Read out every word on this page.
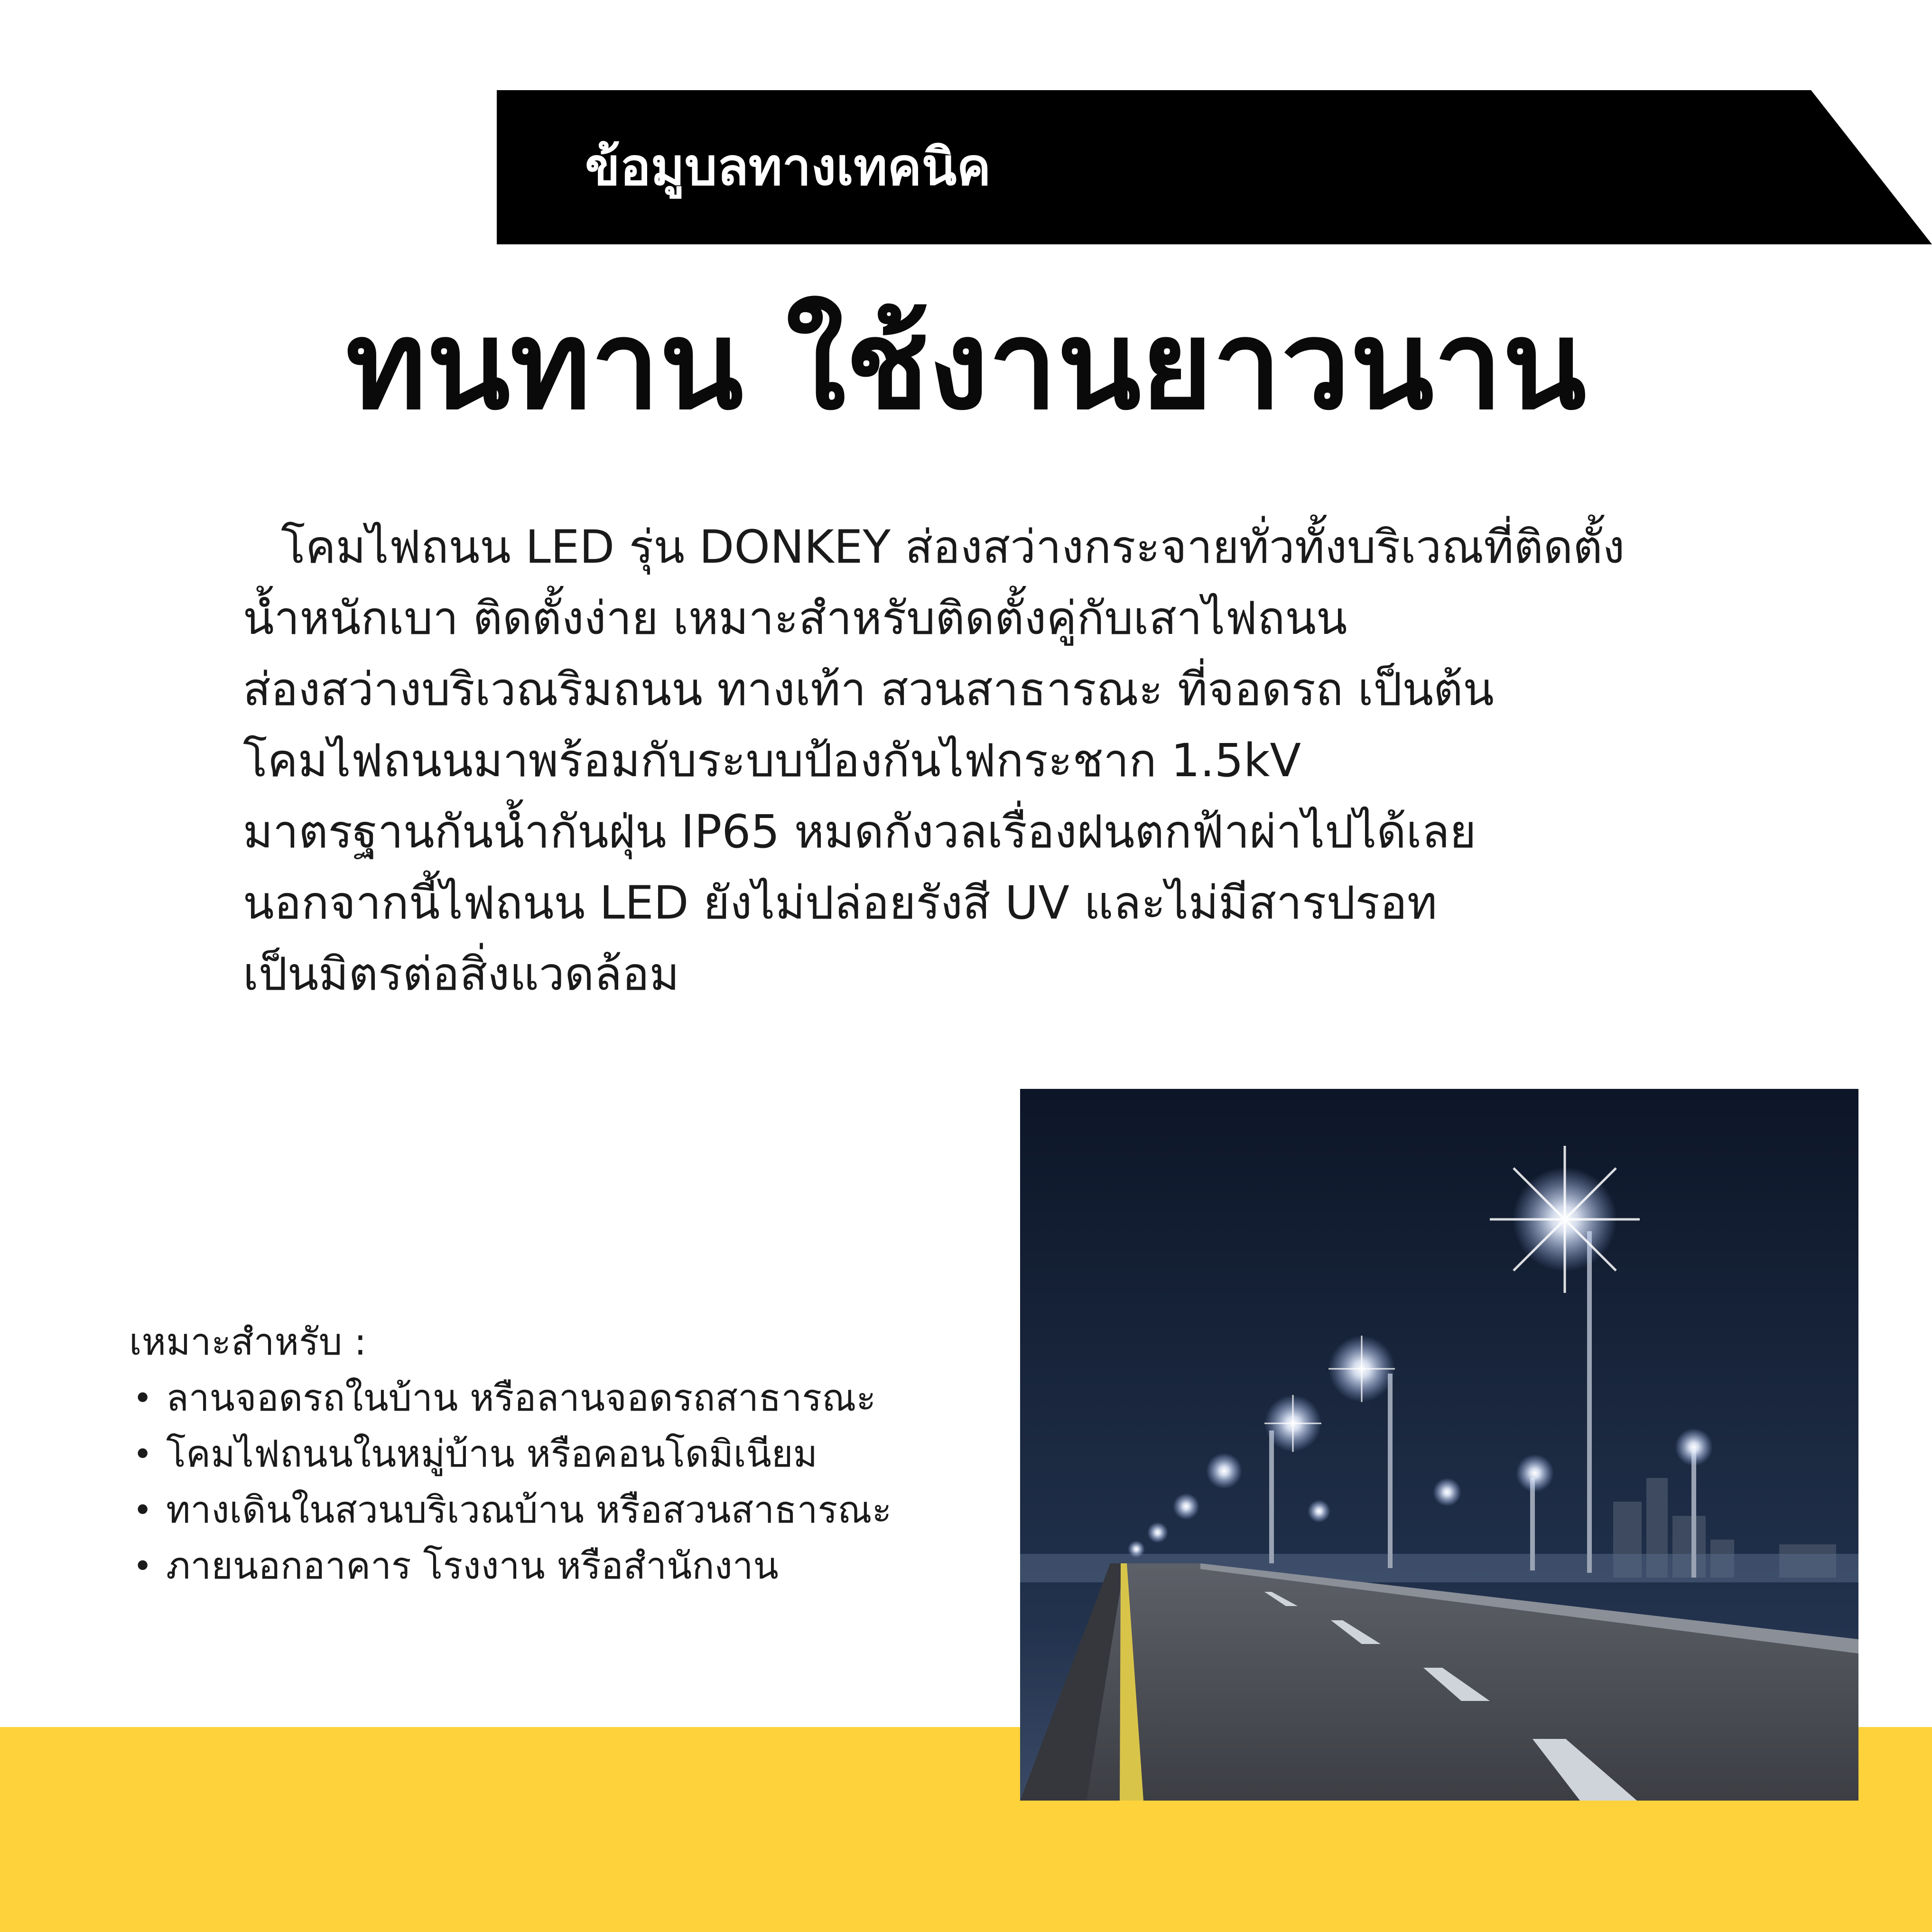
ข้อมูบลทางเทคนิค
ทนทาน ใช้งานยาวนาน
โคมไฟถนน LED รุ่น DONKEY ส่องสว่างกระจายทั่วทั้งบริเวณที่ติดตั้ง
น้ำหนักเบา ติดตั้งง่าย เหมาะสำหรับติดตั้งคู่กับเสาไฟถนน
ส่องสว่างบริเวณริมถนน ทางเท้า สวนสาธารณะ ที่จอดรถ เป็นต้น
โคมไฟถนนมาพร้อมกับระบบป้องกันไฟกระชาก 1.5kV
มาตรฐานกันน้ำกันฝุ่น IP65 หมดกังวลเรื่องฝนตกฟ้าผ่าไปได้เลย
นอกจากนี้ไฟถนน LED ยังไม่ปล่อยรังสี UV และไม่มีสารปรอท
เป็นมิตรต่อสิ่งแวดล้อม
เหมาะสำหรับ :
• ลานจอดรถในบ้าน หรือลานจอดรถสาธารณะ
• โคมไฟถนนในหมู่บ้าน หรือคอนโดมิเนียม
• ทางเดินในสวนบริเวณบ้าน หรือสวนสาธารณะ
• ภายนอกอาคาร โรงงาน หรือสำนักงาน
